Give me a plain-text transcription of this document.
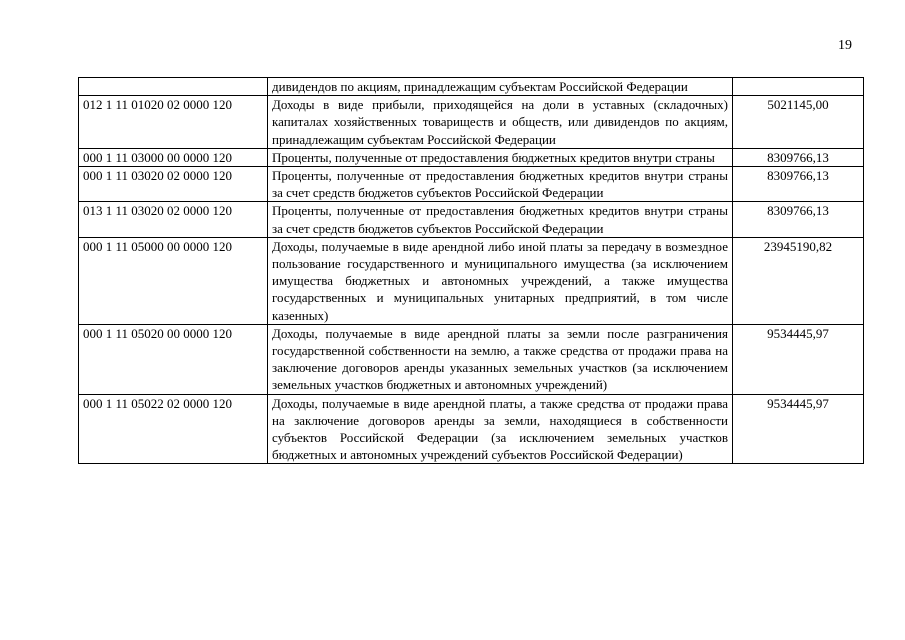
19
	дивидендов по акциям, принадлежащим субъектам Российской Федерации	
012 1 11 01020 02 0000 120	Доходы в виде прибыли, приходящейся на доли в уставных (складочных) капиталах хозяйственных товариществ и обществ, или дивидендов по акциям, принадлежащим субъектам Российской Федерации	5021145,00
000 1 11 03000 00 0000 120	Проценты, полученные от предоставления бюджетных кредитов внутри страны	8309766,13
000 1 11 03020 02 0000 120	Проценты, полученные от предоставления бюджетных кредитов внутри страны за счет средств бюджетов субъектов Российской Федерации	8309766,13
013 1 11 03020 02 0000 120	Проценты, полученные от предоставления бюджетных кредитов внутри страны за счет средств бюджетов субъектов Российской Федерации	8309766,13
000 1 11 05000 00 0000 120	Доходы, получаемые в виде арендной либо иной платы за передачу в возмездное пользование государственного и муниципального имущества (за исключением имущества бюджетных и автономных учреждений, а также имущества государственных и муниципальных унитарных предприятий, в том числе казенных)	23945190,82
000 1 11 05020 00 0000 120	Доходы, получаемые в виде арендной платы за земли после разграничения государственной собственности на землю, а также средства от продажи права на заключение договоров аренды указанных земельных участков (за исключением земельных участков бюджетных и автономных учреждений)	9534445,97
000 1 11 05022 02 0000 120	Доходы, получаемые в виде арендной платы, а также средства от продажи права на заключение договоров аренды за земли, находящиеся в собственности субъектов Российской Федерации (за исключением земельных участков бюджетных и автономных учреждений субъектов Российской Федерации)	9534445,97
